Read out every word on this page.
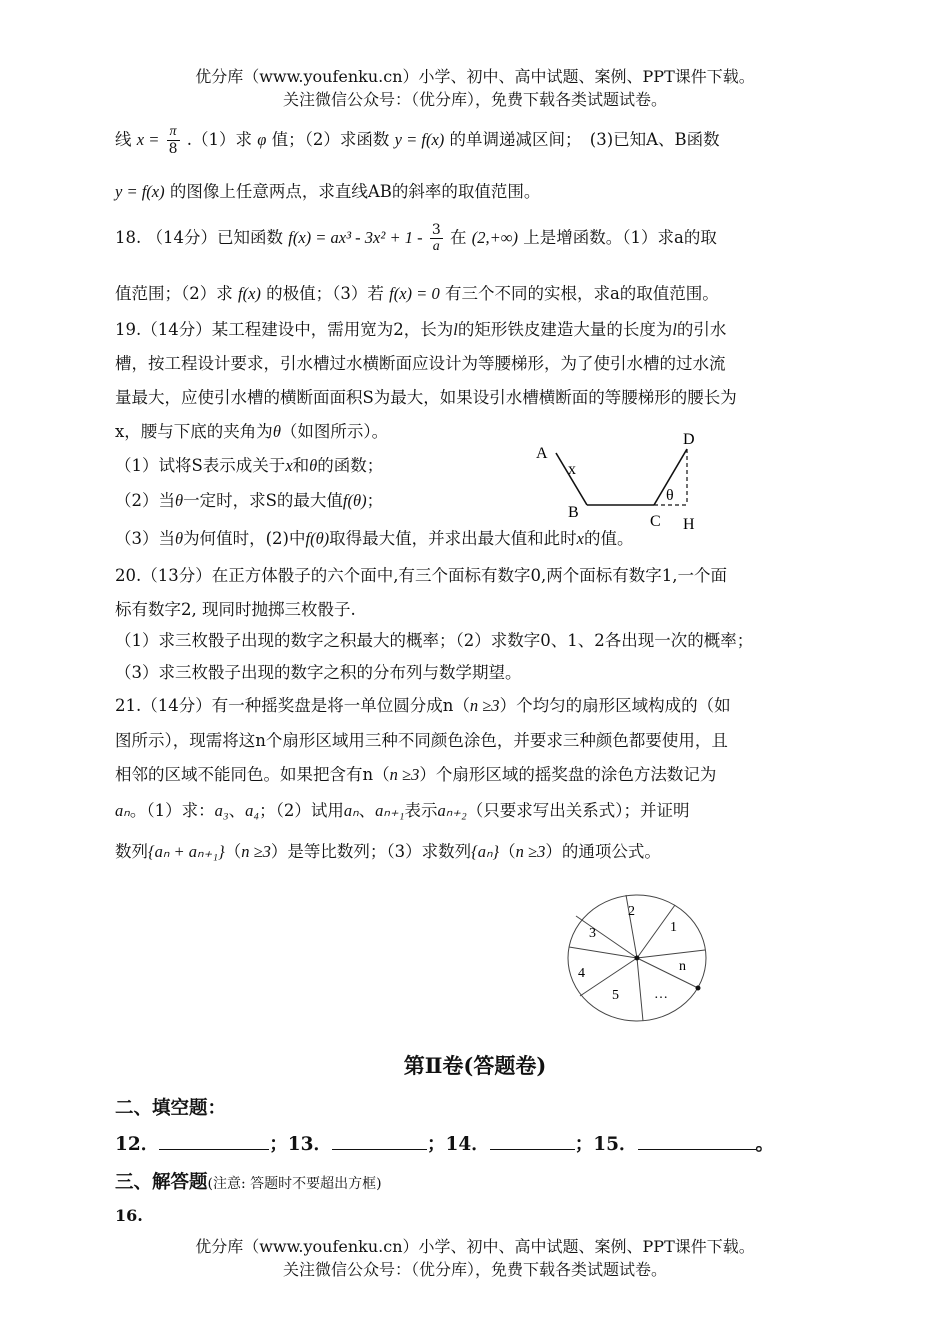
优分库（www.youfenku.cn）小学、初中、高中试题、案例、PPT课件下载。
关注微信公众号：（优分库），免费下载各类试题试卷。
线 $x = \frac{\pi}{8} .(1)$求 φ 值；（2）求函数 y = f(x) 的单调递减区间；　(3)已知A、B函数
y = f(x) 的图像上任意两点，求直线AB的斜率的取值范围。
18. （14分）已知函数 $f(x) = ax^3 - 3x^2 + 1 - \frac{3}{a}$ 在 (2,+∞) 上是增函数。（1）求a的取
值范围；（2）求 f(x) 的极值；（3）若 f(x) = 0 有三个不同的实根，求a的取值范围。
19.（14分）某工程建设中，需用宽为2，长为l的矩形铁皮建造大量的长度为l的引水
槽，按工程设计要求，引水槽过水横断面应设计为等腰梯形，为了使引水槽的过水流
量最大，应使引水槽的横断面面积S为最大，如果设引水槽横断面的等腰梯形的腰长为
x，腰与下底的夹角为θ（如图所示）。
（1）试将S表示成关于x和θ的函数；
（2）当θ一定时，求S的最大值f(θ)；
（3）当θ为何值时，(2)中f(θ)取得最大值，并求出最大值和此时x的值。
A
x
B
C H
D
θ
20.（13分）在正方体骰子的六个面中,有三个面标有数字0,两个面标有数字1,一个面
标有数字2, 现同时抛掷三枚骰子.
（1）求三枚骰子出现的数字之积最大的概率；（2）求数字0、1、2各出现一次的概率；
（3）求三枚骰子出现的数字之积的分布列与数学期望。
21.（14分）有一种摇奖盘是将一单位圆分成n（n ≥3）个均匀的扇形区域构成的（如
图所示），现需将这n个扇形区域用三种不同颜色涂色，并要求三种颜色都要使用，且
相邻的区域不能同色。如果把含有n（n ≥3）个扇形区域的摇奖盘的涂色方法数记为
aₙ。（1）求：a₃、a₄；（2）试用aₙ、aₙ₊₁表示aₙ₊₂（只要求写出关系式）；并证明
数列{aₙ + aₙ₊₁}（n ≥3）是等比数列；（3）求数列{aₙ}（n ≥3）的通项公式。
2
1
3
4	n
5	…
第Ⅱ卷(答题卷)
二、填空题：
12．	；13．	；14．	；15．	。
三、解答题(注意: 答题时不要超出方框)
16.
优分库（www.youfenku.cn）小学、初中、高中试题、案例、PPT课件下载。
关注微信公众号：（优分库），免费下载各类试题试卷。
